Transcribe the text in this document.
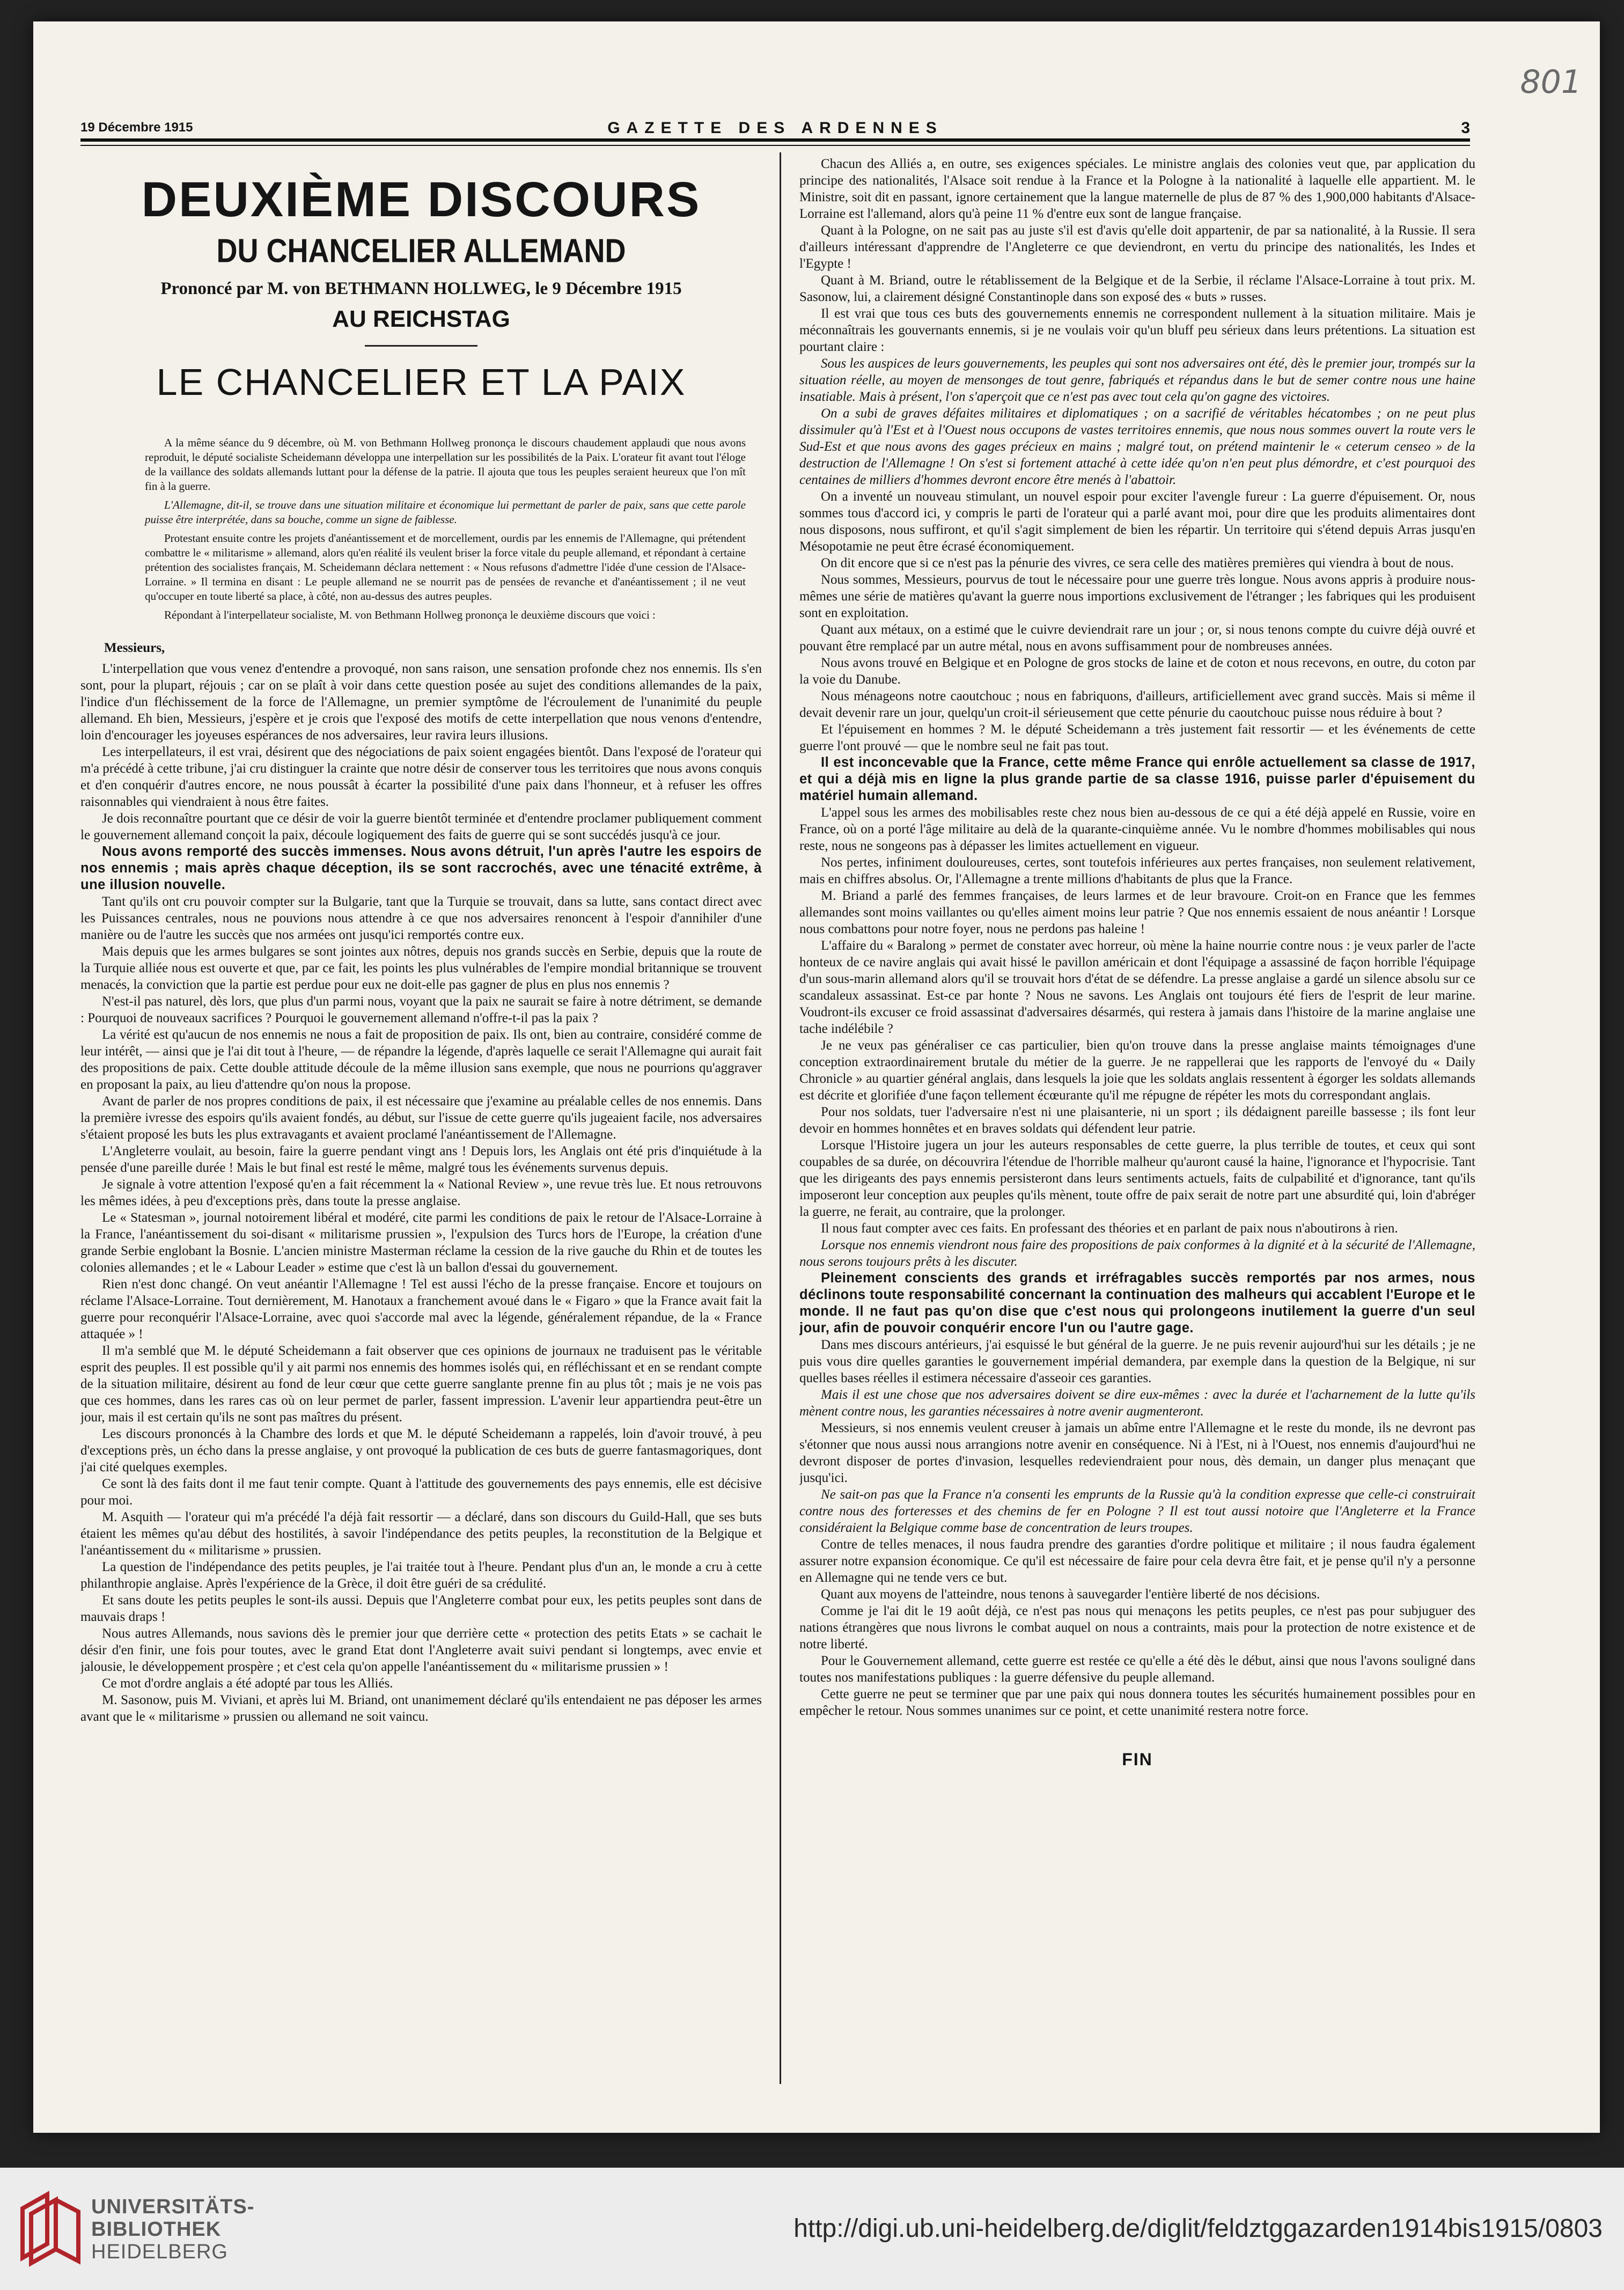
801
19 Décembre 1915	GAZETTE DES ARDENNES	3
DEUXIÈME DISCOURS
DU CHANCELIER ALLEMAND
Prononcé par M. von BETHMANN HOLLWEG, le 9 Décembre 1915
AU REICHSTAG
LE CHANCELIER ET LA PAIX

A la même séance du 9 décembre, où M. von Bethmann Hollweg prononça le discours chaudement applaudi que nous avons reproduit, le député socialiste Scheidemann développa une interpellation sur les possibilités de la Paix. L'orateur fit avant tout l'éloge de la vaillance des soldats allemands luttant pour la défense de la patrie. Il ajouta que tous les peuples seraient heureux que l'on mît fin à la guerre.

L'Allemagne, dit-il, se trouve dans une situation militaire et économique lui permettant de parler de paix, sans que cette parole puisse être interprétée, dans sa bouche, comme un signe de faiblesse.

Protestant ensuite contre les projets d'anéantissement et de morcellement, ourdis par les ennemis de l'Allemagne, qui prétendent combattre le « militarisme » allemand, alors qu'en réalité ils veulent briser la force vitale du peuple allemand, et répondant à certaine prétention des socialistes français, M. Scheidemann déclara nettement : « Nous refusons d'admettre l'idée d'une cession de l'Alsace-Lorraine. » Il termina en disant : Le peuple allemand ne se nourrit pas de pensées de revanche et d'anéantissement ; il ne veut qu'occuper en toute liberté sa place, à côté, non au-dessus des autres peuples.

Répondant à l'interpellateur socialiste, M. von Bethmann Hollweg prononça le deuxième discours que voici :

Messieurs,

L'interpellation que vous venez d'entendre a provoqué, non sans raison, une sensation profonde chez nos ennemis. Ils s'en sont, pour la plupart, réjouis ; car on se plaît à voir dans cette question posée au sujet des conditions allemandes de la paix, l'indice d'un fléchissement de la force de l'Allemagne, un premier symptôme de l'écroulement de l'unanimité du peuple allemand. Eh bien, Messieurs, j'espère et je crois que l'exposé des motifs de cette interpellation que nous venons d'entendre, loin d'encourager les joyeuses espérances de nos adversaires, leur ravira leurs illusions.

Les interpellateurs, il est vrai, désirent que des négociations de paix soient engagées bientôt. Dans l'exposé de l'orateur qui m'a précédé à cette tribune, j'ai cru distinguer la crainte que notre désir de conserver tous les territoires que nous avons conquis et d'en conquérir d'autres encore, ne nous poussât à écarter la possibilité d'une paix dans l'honneur, et à refuser les offres raisonnables qui viendraient à nous être faites.

Je dois reconnaître pourtant que ce désir de voir la guerre bientôt terminée et d'entendre proclamer publiquement comment le gouvernement allemand conçoit la paix, découle logiquement des faits de guerre qui se sont succédés jusqu'à ce jour.

Nous avons remporté des succès immenses. Nous avons détruit, l'un après l'autre les espoirs de nos ennemis ; mais après chaque déception, ils se sont raccrochés, avec une ténacité extrême, à une illusion nouvelle.

Tant qu'ils ont cru pouvoir compter sur la Bulgarie, tant que la Turquie se trouvait, dans sa lutte, sans contact direct avec les Puissances centrales, nous ne pouvions nous attendre à ce que nos adversaires renoncent à l'espoir d'annihiler d'une manière ou de l'autre les succès que nos armées ont jusqu'ici remportés contre eux.

Mais depuis que les armes bulgares se sont jointes aux nôtres, depuis nos grands succès en Serbie, depuis que la route de la Turquie alliée nous est ouverte et que, par ce fait, les points les plus vulnérables de l'empire mondial britannique se trouvent menacés, la conviction que la partie est perdue pour eux ne doit-elle pas gagner de plus en plus nos ennemis ?

N'est-il pas naturel, dès lors, que plus d'un parmi nous, voyant que la paix ne saurait se faire à notre détriment, se demande : Pourquoi de nouveaux sacrifices ? Pourquoi le gouvernement allemand n'offre-t-il pas la paix ?

La vérité est qu'aucun de nos ennemis ne nous a fait de proposition de paix. Ils ont, bien au contraire, considéré comme de leur intérêt, — ainsi que je l'ai dit tout à l'heure, — de répandre la légende, d'après laquelle ce serait l'Allemagne qui aurait fait des propositions de paix. Cette double attitude découle de la même illusion sans exemple, que nous ne pourrions qu'aggraver en proposant la paix, au lieu d'attendre qu'on nous la propose.

Avant de parler de nos propres conditions de paix, il est nécessaire que j'examine au préalable celles de nos ennemis. Dans la première ivresse des espoirs qu'ils avaient fondés, au début, sur l'issue de cette guerre qu'ils jugeaient facile, nos adversaires s'étaient proposé les buts les plus extravagants et avaient proclamé l'anéantissement de l'Allemagne.

L'Angleterre voulait, au besoin, faire la guerre pendant vingt ans ! Depuis lors, les Anglais ont été pris d'inquiétude à la pensée d'une pareille durée ! Mais le but final est resté le même, malgré tous les événements survenus depuis.

Je signale à votre attention l'exposé qu'en a fait récemment la « National Review », une revue très lue. Et nous retrouvons les mêmes idées, à peu d'exceptions près, dans toute la presse anglaise.

Le « Statesman », journal notoirement libéral et modéré, cite parmi les conditions de paix le retour de l'Alsace-Lorraine à la France, l'anéantissement du soi-disant « militarisme prussien », l'expulsion des Turcs hors de l'Europe, la création d'une grande Serbie englobant la Bosnie. L'ancien ministre Masterman réclame la cession de la rive gauche du Rhin et de toutes les colonies allemandes ; et le « Labour Leader » estime que c'est là un ballon d'essai du gouvernement.

Rien n'est donc changé. On veut anéantir l'Allemagne ! Tel est aussi l'écho de la presse française. Encore et toujours on réclame l'Alsace-Lorraine. Tout dernièrement, M. Hanotaux a franchement avoué dans le « Figaro » que la France avait fait la guerre pour reconquérir l'Alsace-Lorraine, avec quoi s'accorde mal avec la légende, généralement répandue, de la « France attaquée » !

Il m'a semblé que M. le député Scheidemann a fait observer que ces opinions de journaux ne traduisent pas le véritable esprit des peuples. Il est possible qu'il y ait parmi nos ennemis des hommes isolés qui, en réfléchissant et en se rendant compte de la situation militaire, désirent au fond de leur cœur que cette guerre sanglante prenne fin au plus tôt ; mais je ne vois pas que ces hommes, dans les rares cas où on leur permet de parler, fassent impression. L'avenir leur appartiendra peut-être un jour, mais il est certain qu'ils ne sont pas maîtres du présent.

Les discours prononcés à la Chambre des lords et que M. le député Scheidemann a rappelés, loin d'avoir trouvé, à peu d'exceptions près, un écho dans la presse anglaise, y ont provoqué la publication de ces buts de guerre fantasmagoriques, dont j'ai cité quelques exemples.

Ce sont là des faits dont il me faut tenir compte. Quant à l'attitude des gouvernements des pays ennemis, elle est décisive pour moi.

M. Asquith — l'orateur qui m'a précédé l'a déjà fait ressortir — a déclaré, dans son discours du Guild-Hall, que ses buts étaient les mêmes qu'au début des hostilités, à savoir l'indépendance des petits peuples, la reconstitution de la Belgique et l'anéantissement du « militarisme » prussien.

La question de l'indépendance des petits peuples, je l'ai traitée tout à l'heure. Pendant plus d'un an, le monde a cru à cette philanthropie anglaise. Après l'expérience de la Grèce, il doit être guéri de sa crédulité.

Et sans doute les petits peuples le sont-ils aussi. Depuis que l'Angleterre combat pour eux, les petits peuples sont dans de mauvais draps !

Nous autres Allemands, nous savions dès le premier jour que derrière cette « protection des petits Etats » se cachait le désir d'en finir, une fois pour toutes, avec le grand Etat dont l'Angleterre avait suivi pendant si longtemps, avec envie et jalousie, le développement prospère ; et c'est cela qu'on appelle l'anéantissement du « militarisme prussien » !

Ce mot d'ordre anglais a été adopté par tous les Alliés.

M. Sasonow, puis M. Viviani, et après lui M. Briand, ont unanimement déclaré qu'ils entendaient ne pas déposer les armes avant que le « militarisme » prussien ou allemand ne soit vaincu.

Chacun des Alliés a, en outre, ses exigences spéciales. Le ministre anglais des colonies veut que, par application du principe des nationalités, l'Alsace soit rendue à la France et la Pologne à la nationalité à laquelle elle appartient. M. le Ministre, soit dit en passant, ignore certainement que la langue maternelle de plus de 87 % des 1,900,000 habitants d'Alsace-Lorraine est l'allemand, alors qu'à peine 11 % d'entre eux sont de langue française.

Quant à la Pologne, on ne sait pas au juste s'il est d'avis qu'elle doit appartenir, de par sa nationalité, à la Russie. Il sera d'ailleurs intéressant d'apprendre de l'Angleterre ce que deviendront, en vertu du principe des nationalités, les Indes et l'Egypte !

Quant à M. Briand, outre le rétablissement de la Belgique et de la Serbie, il réclame l'Alsace-Lorraine à tout prix. M. Sasonow, lui, a clairement désigné Constantinople dans son exposé des « buts » russes.

Il est vrai que tous ces buts des gouvernements ennemis ne correspondent nullement à la situation militaire. Mais je méconnaîtrais les gouvernants ennemis, si je ne voulais voir qu'un bluff peu sérieux dans leurs prétentions. La situation est pourtant claire :

Sous les auspices de leurs gouvernements, les peuples qui sont nos adversaires ont été, dès le premier jour, trompés sur la situation réelle, au moyen de mensonges de tout genre, fabriqués et répandus dans le but de semer contre nous une haine insatiable. Mais à présent, l'on s'aperçoit que ce n'est pas avec tout cela qu'on gagne des victoires.

On a subi de graves défaites militaires et diplomatiques ; on a sacrifié de véritables hécatombes ; on ne peut plus dissimuler qu'à l'Est et à l'Ouest nous occupons de vastes territoires ennemis, que nous nous sommes ouvert la route vers le Sud-Est et que nous avons des gages précieux en mains ; malgré tout, on prétend maintenir le « ceterum censeo » de la destruction de l'Allemagne ! On s'est si fortement attaché à cette idée qu'on n'en peut plus démordre, et c'est pourquoi des centaines de milliers d'hommes devront encore être menés à l'abattoir.

On a inventé un nouveau stimulant, un nouvel espoir pour exciter l'avengle fureur : La guerre d'épuisement. Or, nous sommes tous d'accord ici, y compris le parti de l'orateur qui a parlé avant moi, pour dire que les produits alimentaires dont nous disposons, nous suffiront, et qu'il s'agit simplement de bien les répartir. Un territoire qui s'étend depuis Arras jusqu'en Mésopotamie ne peut être écrasé économiquement.

On dit encore que si ce n'est pas la pénurie des vivres, ce sera celle des matières premières qui viendra à bout de nous.

Nous sommes, Messieurs, pourvus de tout le nécessaire pour une guerre très longue. Nous avons appris à produire nous-mêmes une série de matières qu'avant la guerre nous importions exclusivement de l'étranger ; les fabriques qui les produisent sont en exploitation.

Quant aux métaux, on a estimé que le cuivre deviendrait rare un jour ; or, si nous tenons compte du cuivre déjà ouvré et pouvant être remplacé par un autre métal, nous en avons suffisamment pour de nombreuses années.

Nous avons trouvé en Belgique et en Pologne de gros stocks de laine et de coton et nous recevons, en outre, du coton par la voie du Danube.

Nous ménageons notre caoutchouc ; nous en fabriquons, d'ailleurs, artificiellement avec grand succès. Mais si même il devait devenir rare un jour, quelqu'un croit-il sérieusement que cette pénurie du caoutchouc puisse nous réduire à bout ?

Et l'épuisement en hommes ? M. le député Scheidemann a très justement fait ressortir — et les événements de cette guerre l'ont prouvé — que le nombre seul ne fait pas tout.

Il est inconcevable que la France, cette même France qui enrôle actuellement sa classe de 1917, et qui a déjà mis en ligne la plus grande partie de sa classe 1916, puisse parler d'épuisement du matériel humain allemand.

L'appel sous les armes des mobilisables reste chez nous bien au-dessous de ce qui a été déjà appelé en Russie, voire en France, où on a porté l'âge militaire au delà de la quarante-cinquième année. Vu le nombre d'hommes mobilisables qui nous reste, nous ne songeons pas à dépasser les limites actuellement en vigueur.

Nos pertes, infiniment douloureuses, certes, sont toutefois inférieures aux pertes françaises, non seulement relativement, mais en chiffres absolus. Or, l'Allemagne a trente millions d'habitants de plus que la France.

M. Briand a parlé des femmes françaises, de leurs larmes et de leur bravoure. Croit-on en France que les femmes allemandes sont moins vaillantes ou qu'elles aiment moins leur patrie ? Que nos ennemis essaient de nous anéantir ! Lorsque nous combattons pour notre foyer, nous ne perdons pas haleine !

L'affaire du « Baralong » permet de constater avec horreur, où mène la haine nourrie contre nous : je veux parler de l'acte honteux de ce navire anglais qui avait hissé le pavillon américain et dont l'équipage a assassiné de façon horrible l'équipage d'un sous-marin allemand alors qu'il se trouvait hors d'état de se défendre. La presse anglaise a gardé un silence absolu sur ce scandaleux assassinat. Est-ce par honte ? Nous ne savons. Les Anglais ont toujours été fiers de l'esprit de leur marine. Voudront-ils excuser ce froid assassinat d'adversaires désarmés, qui restera à jamais dans l'histoire de la marine anglaise une tache indélébile ?

Je ne veux pas généraliser ce cas particulier, bien qu'on trouve dans la presse anglaise maints témoignages d'une conception extraordinairement brutale du métier de la guerre. Je ne rappellerai que les rapports de l'envoyé du « Daily Chronicle » au quartier général anglais, dans lesquels la joie que les soldats anglais ressentent à égorger les soldats allemands est décrite et glorifiée d'une façon tellement écœurante qu'il me répugne de répéter les mots du correspondant anglais.

Pour nos soldats, tuer l'adversaire n'est ni une plaisanterie, ni un sport ; ils dédaignent pareille bassesse ; ils font leur devoir en hommes honnêtes et en braves soldats qui défendent leur patrie.

Lorsque l'Histoire jugera un jour les auteurs responsables de cette guerre, la plus terrible de toutes, et ceux qui sont coupables de sa durée, on découvrira l'étendue de l'horrible malheur qu'auront causé la haine, l'ignorance et l'hypocrisie. Tant que les dirigeants des pays ennemis persisteront dans leurs sentiments actuels, faits de culpabilité et d'ignorance, tant qu'ils imposeront leur conception aux peuples qu'ils mènent, toute offre de paix serait de notre part une absurdité qui, loin d'abréger la guerre, ne ferait, au contraire, que la prolonger.

Il nous faut compter avec ces faits. En professant des théories et en parlant de paix nous n'aboutirons à rien.

Lorsque nos ennemis viendront nous faire des propositions de paix conformes à la dignité et à la sécurité de l'Allemagne, nous serons toujours prêts à les discuter.

Pleinement conscients des grands et irréfragables succès remportés par nos armes, nous déclinons toute responsabilité concernant la continuation des malheurs qui accablent l'Europe et le monde. Il ne faut pas qu'on dise que c'est nous qui prolongeons inutilement la guerre d'un seul jour, afin de pouvoir conquérir encore l'un ou l'autre gage.

Dans mes discours antérieurs, j'ai esquissé le but général de la guerre. Je ne puis revenir aujourd'hui sur les détails ; je ne puis vous dire quelles garanties le gouvernement impérial demandera, par exemple dans la question de la Belgique, ni sur quelles bases réelles il estimera nécessaire d'asseoir ces garanties.

Mais il est une chose que nos adversaires doivent se dire eux-mêmes : avec la durée et l'acharnement de la lutte qu'ils mènent contre nous, les garanties nécessaires à notre avenir augmenteront.

Messieurs, si nos ennemis veulent creuser à jamais un abîme entre l'Allemagne et le reste du monde, ils ne devront pas s'étonner que nous aussi nous arrangions notre avenir en conséquence. Ni à l'Est, ni à l'Ouest, nos ennemis d'aujourd'hui ne devront disposer de portes d'invasion, lesquelles redeviendraient pour nous, dès demain, un danger plus menaçant que jusqu'ici.

Ne sait-on pas que la France n'a consenti les emprunts de la Russie qu'à la condition expresse que celle-ci construirait contre nous des forteresses et des chemins de fer en Pologne ? Il est tout aussi notoire que l'Angleterre et la France considéraient la Belgique comme base de concentration de leurs troupes.

Contre de telles menaces, il nous faudra prendre des garanties d'ordre politique et militaire ; il nous faudra également assurer notre expansion économique. Ce qu'il est nécessaire de faire pour cela devra être fait, et je pense qu'il n'y a personne en Allemagne qui ne tende vers ce but.

Quant aux moyens de l'atteindre, nous tenons à sauvegarder l'entière liberté de nos décisions.

Comme je l'ai dit le 19 août déjà, ce n'est pas nous qui menaçons les petits peuples, ce n'est pas pour subjuguer des nations étrangères que nous livrons le combat auquel on nous a contraints, mais pour la protection de notre existence et de notre liberté.

Pour le Gouvernement allemand, cette guerre est restée ce qu'elle a été dès le début, ainsi que nous l'avons souligné dans toutes nos manifestations publiques : la guerre défensive du peuple allemand.

Cette guerre ne peut se terminer que par une paix qui nous donnera toutes les sécurités humainement possibles pour en empêcher le retour. Nous sommes unanimes sur ce point, et cette unanimité restera notre force.

FIN
UNIVERSITÄTS-
BIBLIOTHEK
HEIDELBERG
http://digi.ub.uni-heidelberg.de/diglit/feldztggazarden1914bis1915/0803
